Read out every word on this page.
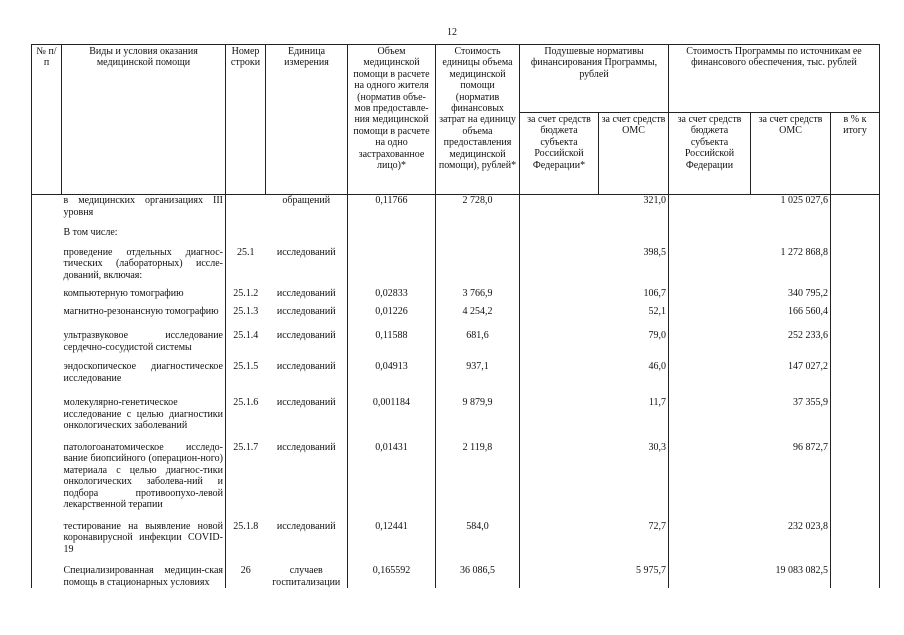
12
№ п/п	Виды и условия оказания медицинской помощи	Номер строки	Единица измерения	Объем медицинской помощи в расчете на одного жителя (норматив объе-мов предоставле-ния медицинской помощи в расчете на одно застрахованное лицо)*	Стоимость единицы объема медицинской помощи (норматив финансовых затрат на единицу объема предоставления медицинской помощи), рублей*	Подушевые нормативы финансирования Программы, рублей		Стоимость Программы по источникам ее финансового обеспечения, тыс. рублей		
						за счет средств бюджета субъекта Российской Федерации*	за счет средств ОМС	за счет средств бюджета субъекта Российской Федерации	за счет средств ОМС	в % к итогу
	в медицинских организациях III уровня		обращений	0,11766	2 728,0		321,0		1 025 027,6	
	В том числе:									
	проведение отдельных диагнос-тических (лабораторных) иссле-дований, включая:	25.1	исследований				398,5		1 272 868,8	
	компьютерную томографию	25.1.2	исследований	0,02833	3 766,9		106,7		340 795,2	
	магнитно-резонансную томографию	25.1.3	исследований	0,01226	4 254,2		52,1		166 560,4	
	ультразвуковое исследование сердечно-сосудистой системы	25.1.4	исследований	0,11588	681,6		79,0		252 233,6	
	эндоскопическое диагностическое исследование	25.1.5	исследований	0,04913	937,1		46,0		147 027,2	
	молекулярно-генетическое исследование с целью диагностики онкологических заболеваний	25.1.6	исследований	0,001184	9 879,9		11,7		37 355,9	
	патологоанатомическое исследо-вание биопсийного (операцион-ного) материала с целью диагнос-тики онкологических заболева-ний и подбора противоопухо-левой лекарственной терапии	25.1.7	исследований	0,01431	2 119,8		30,3		96 872,7	
	тестирование на выявление новой коронавирусной инфекции COVID-19	25.1.8	исследований	0,12441	584,0		72,7		232 023,8	
	Специализированная медицин-ская помощь в стационарных условиях	26	случаев госпитализации	0,165592	36 086,5		5 975,7		19 083 082,5	
